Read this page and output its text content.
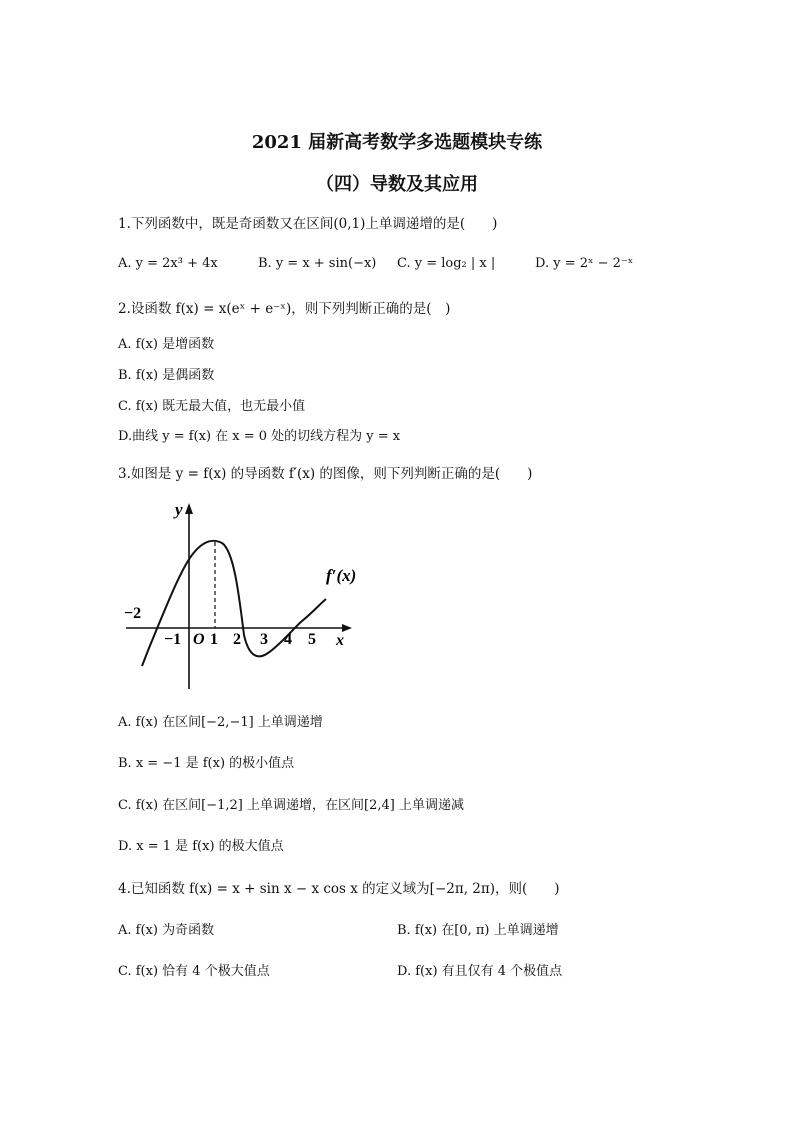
2021 届新高考数学多选题模块专练
（四）导数及其应用
1.下列函数中，既是奇函数又在区间(0,1)上单调递增的是(　　)
A. y = 2x³ + 4x	B. y = x + sin(−x) C. y = log₂ | x |	D. y = 2ˣ − 2⁻ˣ
2.设函数 f(x) = x(eˣ + e⁻ˣ)，则下列判断正确的是(　)
A. f(x) 是增函数
B. f(x) 是偶函数
C. f(x) 既无最大值，也无最小值
D.曲线 y = f(x) 在 x = 0 处的切线方程为 y = x
3.如图是 y = f(x) 的导函数 f′(x) 的图像，则下列判断正确的是(　　)
y
x
O
f′(x)
−2
−1 1 2 3 4 5
A. f(x) 在区间[−2,−1] 上单调递增
B. x = −1 是 f(x) 的极小值点
C. f(x) 在区间[−1,2] 上单调递增，在区间[2,4] 上单调递减
D. x = 1 是 f(x) 的极大值点
4.已知函数 f(x) = x + sin x − x cos x 的定义域为[−2π, 2π)，则(　　)
A. f(x) 为奇函数	B. f(x) 在[0, π) 上单调递增
C. f(x) 恰有 4 个极大值点	D. f(x) 有且仅有 4 个极值点
